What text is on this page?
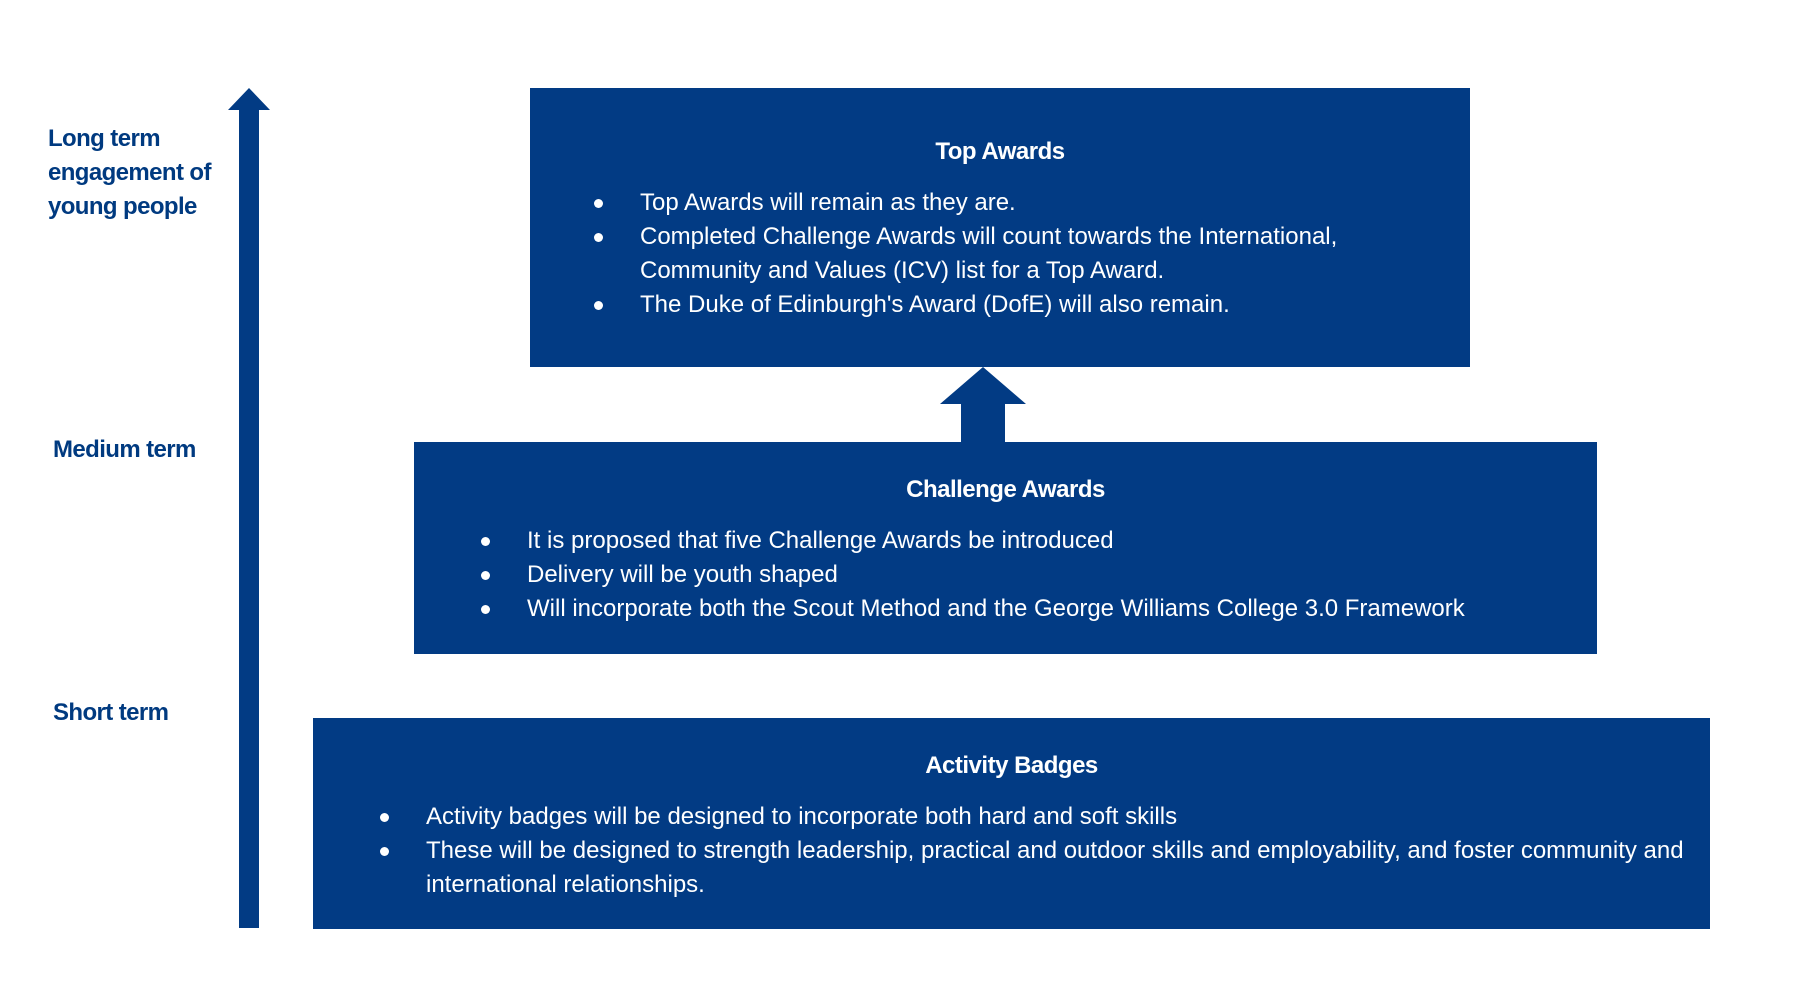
Long term engagement of young people
Medium term
Short term
Top Awards
Top Awards will remain as they are.
Completed Challenge Awards will count towards the International, Community and Values (ICV) list for a Top Award.
The Duke of Edinburgh's Award (DofE) will also remain.
Challenge Awards
It is proposed that five Challenge Awards be introduced
Delivery will be youth shaped
Will incorporate both the Scout Method and the George Williams College 3.0 Framework
Activity Badges
Activity badges will be designed to incorporate both hard and soft skills
These will be designed to strength leadership, practical and outdoor skills and employability, and foster community and international relationships.
